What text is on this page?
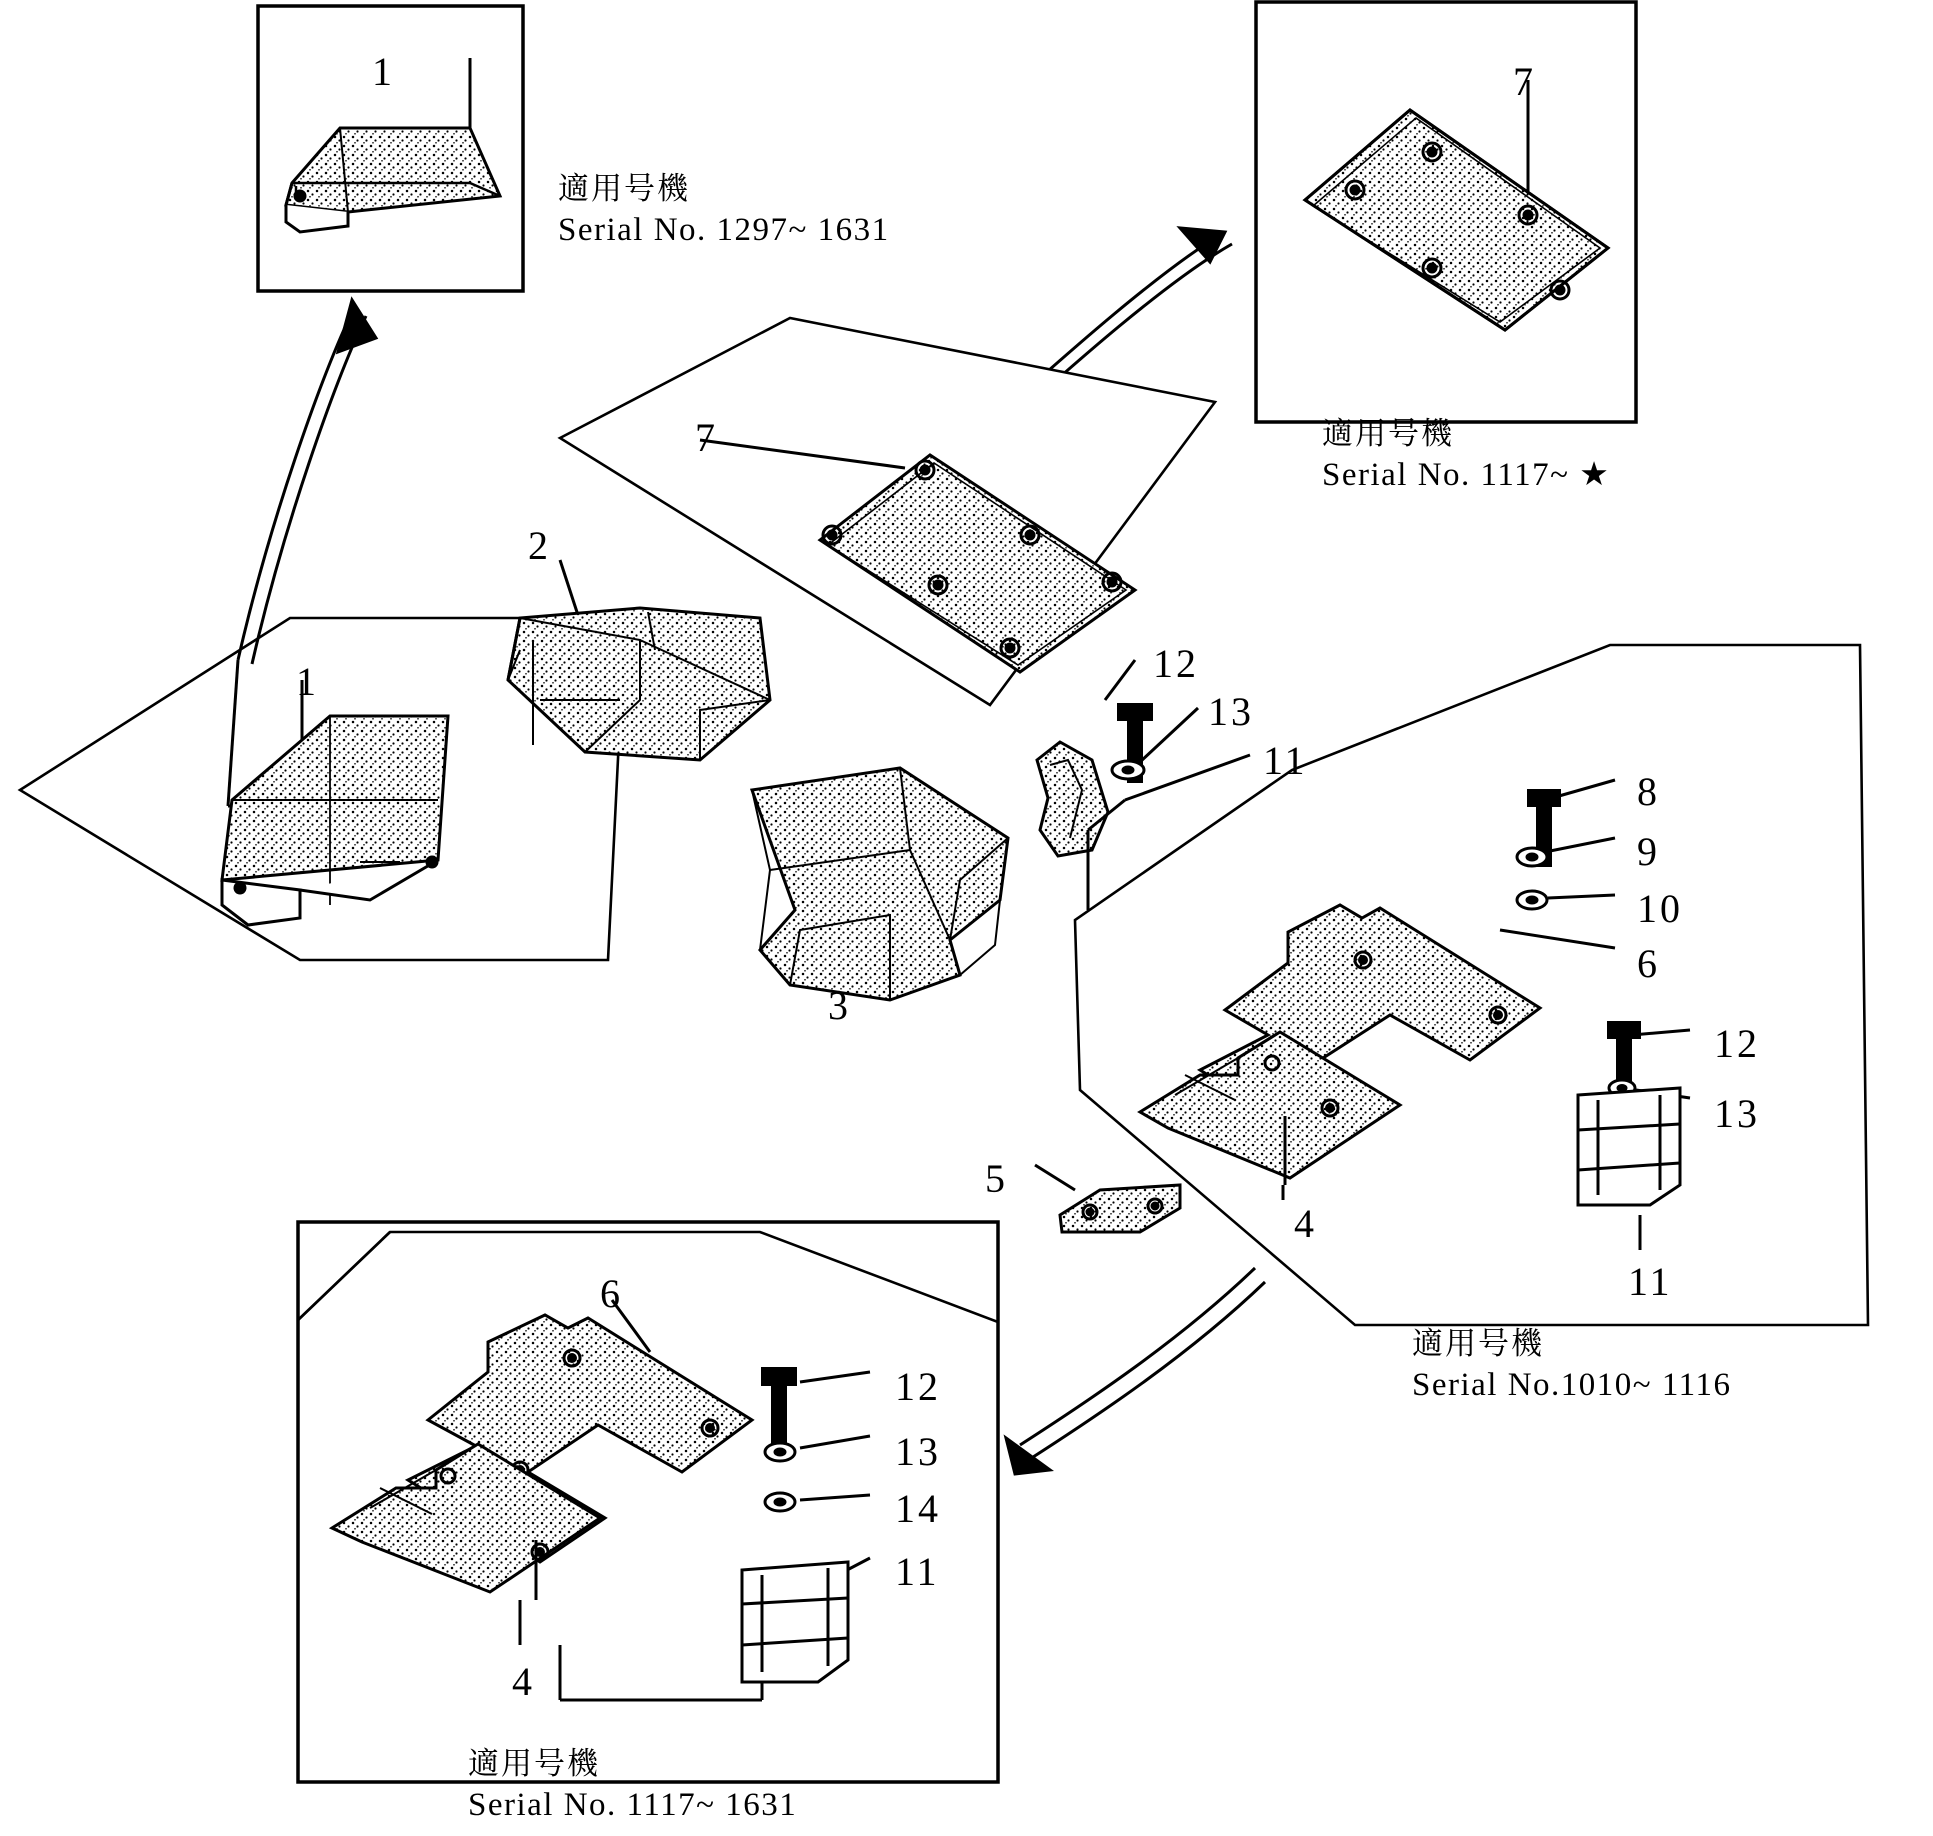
1	7
7
2
1	12
13
11
8
9
10
6
3
12
13
5
4
11
6
12
13
14
11
4
適用号機
Serial No. 1297~ 1631
適用号機
Serial No. 1117~ ★
適用号機
Serial No.1010~ 1116
適用号機
Serial No. 1117~ 1631
